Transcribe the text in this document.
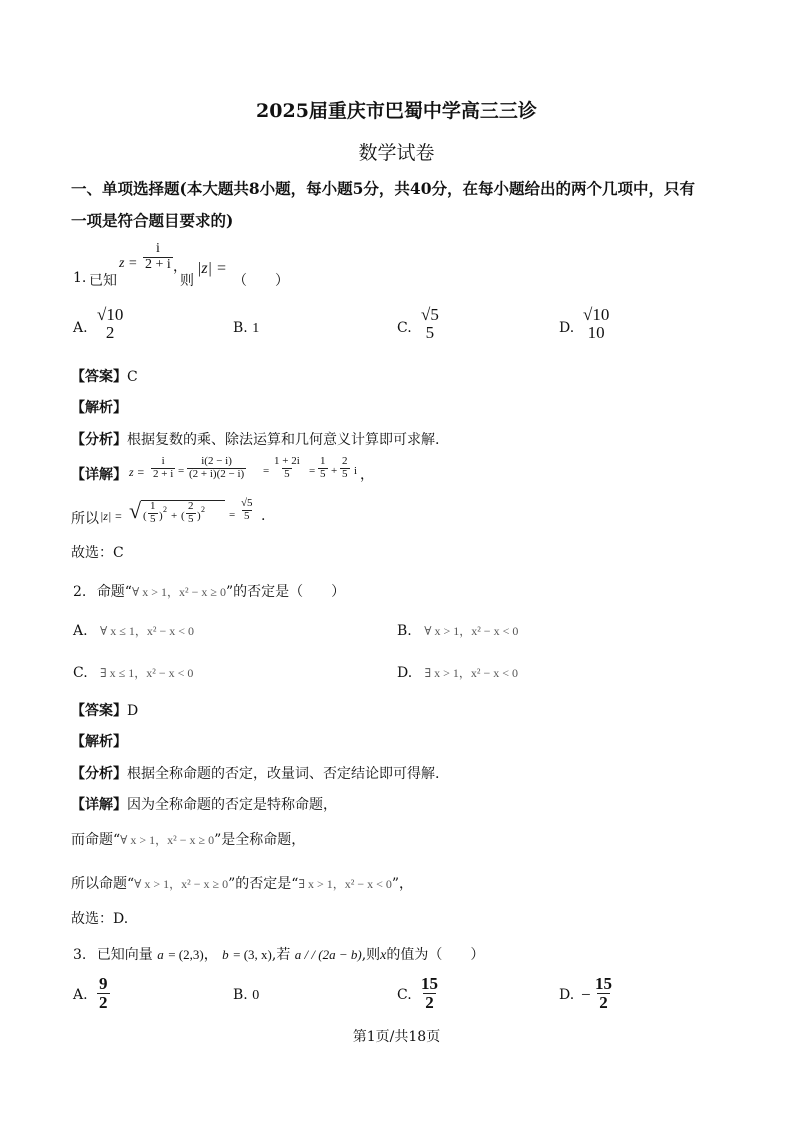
2025届重庆市巴蜀中学高三三诊
数学试卷
一、单项选择题(本大题共8小题，每小题5分，共40分，在每小题给出的两个几项中，只有
一项是符合题目要求的)
1. 已知
$z = \frac{i}{2 + i}$ ，
则
|z| =
（　　）
A.
√10
2	B. 1	C.
√5
5	D.
√10
10
【答案】C
【解析】
【分析】根据复数的乘、除法运算和几何意义计算即可求解.
【详解】 $z = \frac{i}{2 + i} = \frac{i(2 - i)}{(2 + i)(2 - i)} = \frac{1 + 2i}{5} = \frac{1}{5} + \frac{2}{5}$ i ，
所以 |z| = √ ( $\frac{1}{5}$ )
2
+ ( $\frac{2}{5}$ )
$2 = \frac{√5}{5}$ .
故选：C
2. 命题“∀ x > 1，x² − x ≥ 0”的否定是（　　）
A. ∀ x ≤ 1，x² − x < 0	B. ∀ x > 1，x² − x < 0
C. ∃ x ≤ 1，x² − x < 0	D. ∃ x > 1，x² − x < 0
【答案】D
【解析】
【分析】根据全称命题的否定，改量词、否定结论即可得解.
【详解】因为全称命题的否定是特称命题，
而命题“∀ x > 1，x² − x ≥ 0”是全称命题，
所以命题“∀ x > 1，x² − x ≥ 0”的否定是“∃ x > 1，x² − x < 0”，
故选：D.
3. 已知向量 a = (2,3)， b = (3, x),若 a / / (2a − b),则x的值为（　　）
A. $\frac{9}{2}$	B. 0	C. $\frac{15}{2}$	D. − $\frac{15}{2}$
第1页/共18页
